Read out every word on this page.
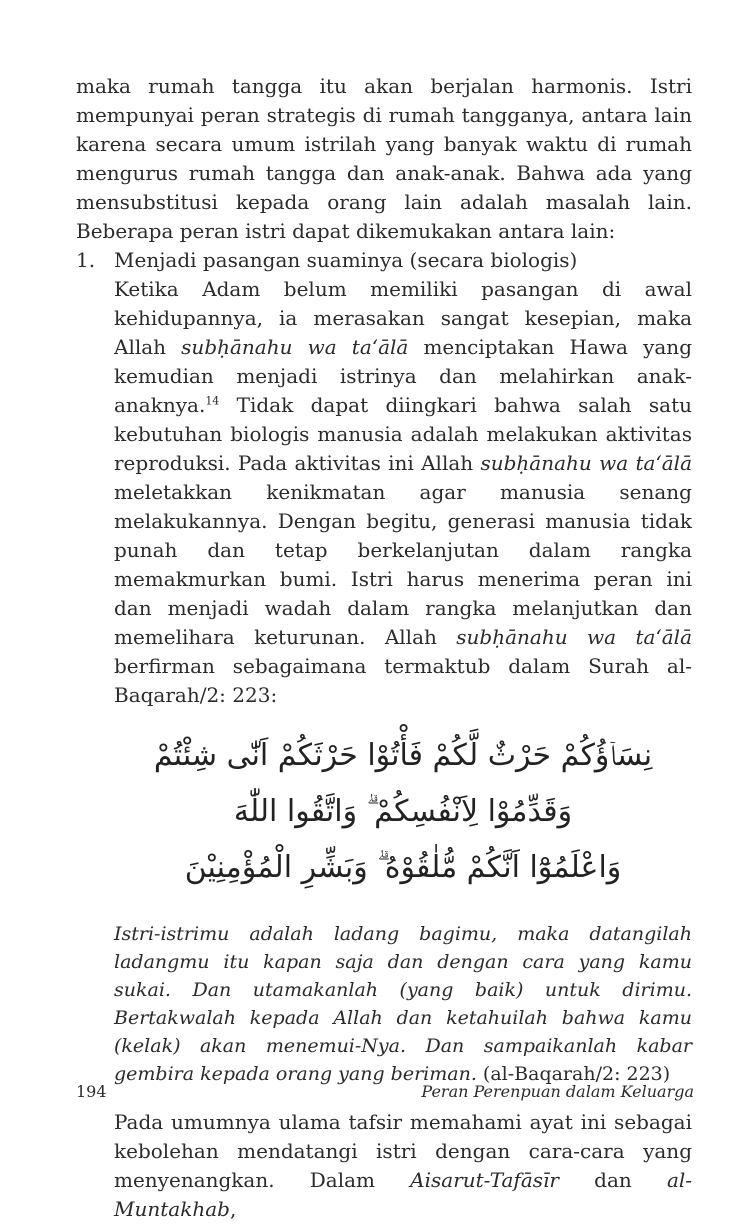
maka rumah tangga itu akan berjalan harmonis. Istri mempunyai peran strategis di rumah tangganya, antara lain karena secara umum istrilah yang banyak waktu di rumah mengurus rumah tangga dan anak-anak. Bahwa ada yang mensubstitusi kepada orang lain adalah masalah lain. Beberapa peran istri dapat dikemukakan antara lain:

1. Menjadi pasangan suaminya (secara biologis)

Ketika Adam belum memiliki pasangan di awal kehidupannya, ia merasakan sangat kesepian, maka Allah subḥānahu wa ta‘ālā menciptakan Hawa yang kemudian menjadi istrinya dan melahirkan anak-anaknya.$^{14}$ Tidak dapat diingkari bahwa salah satu kebutuhan biologis manusia adalah melakukan aktivitas reproduksi. Pada aktivitas ini Allah subḥānahu wa ta‘ālā meletakkan kenikmatan agar manusia senang melakukannya. Dengan begitu, generasi manusia tidak punah dan tetap berkelanjutan dalam rangka memakmurkan bumi. Istri harus menerima peran ini dan menjadi wadah dalam rangka melanjutkan dan memelihara keturunan. Allah subḥānahu wa ta‘ālā berfirman sebagaimana termaktub dalam Surah al-Baqarah/2: 223:

نِسَاۤؤُكُمْ حَرْثٌ لَّكُمْ فَأْتُوْا حَرْثَكُمْ اَنّٰى شِئْتُمْ وَقَدِّمُوْا لِاَنْفُسِكُمْ ۗ وَاتَّقُوا اللّٰهَ
وَاعْلَمُوْٓا اَنَّكُمْ مُّلٰقُوْهُ ۗ وَبَشِّرِ الْمُؤْمِنِيْنَ

Istri-istrimu adalah ladang bagimu, maka datangilah ladangmu itu kapan saja dan dengan cara yang kamu sukai. Dan utamakanlah (yang baik) untuk dirimu. Bertakwalah kepada Allah dan ketahuilah bahwa kamu (kelak) akan menemui-Nya. Dan sampaikanlah kabar gembira kepada orang yang beriman. (al-Baqarah/2: 223)

Pada umumnya ulama tafsir memahami ayat ini sebagai kebolehan mendatangi istri dengan cara-cara yang menyenangkan. Dalam Aisarut-Tafāsīr dan al-Muntakhab,

194	Peran Perenpuan dalam Keluarga
